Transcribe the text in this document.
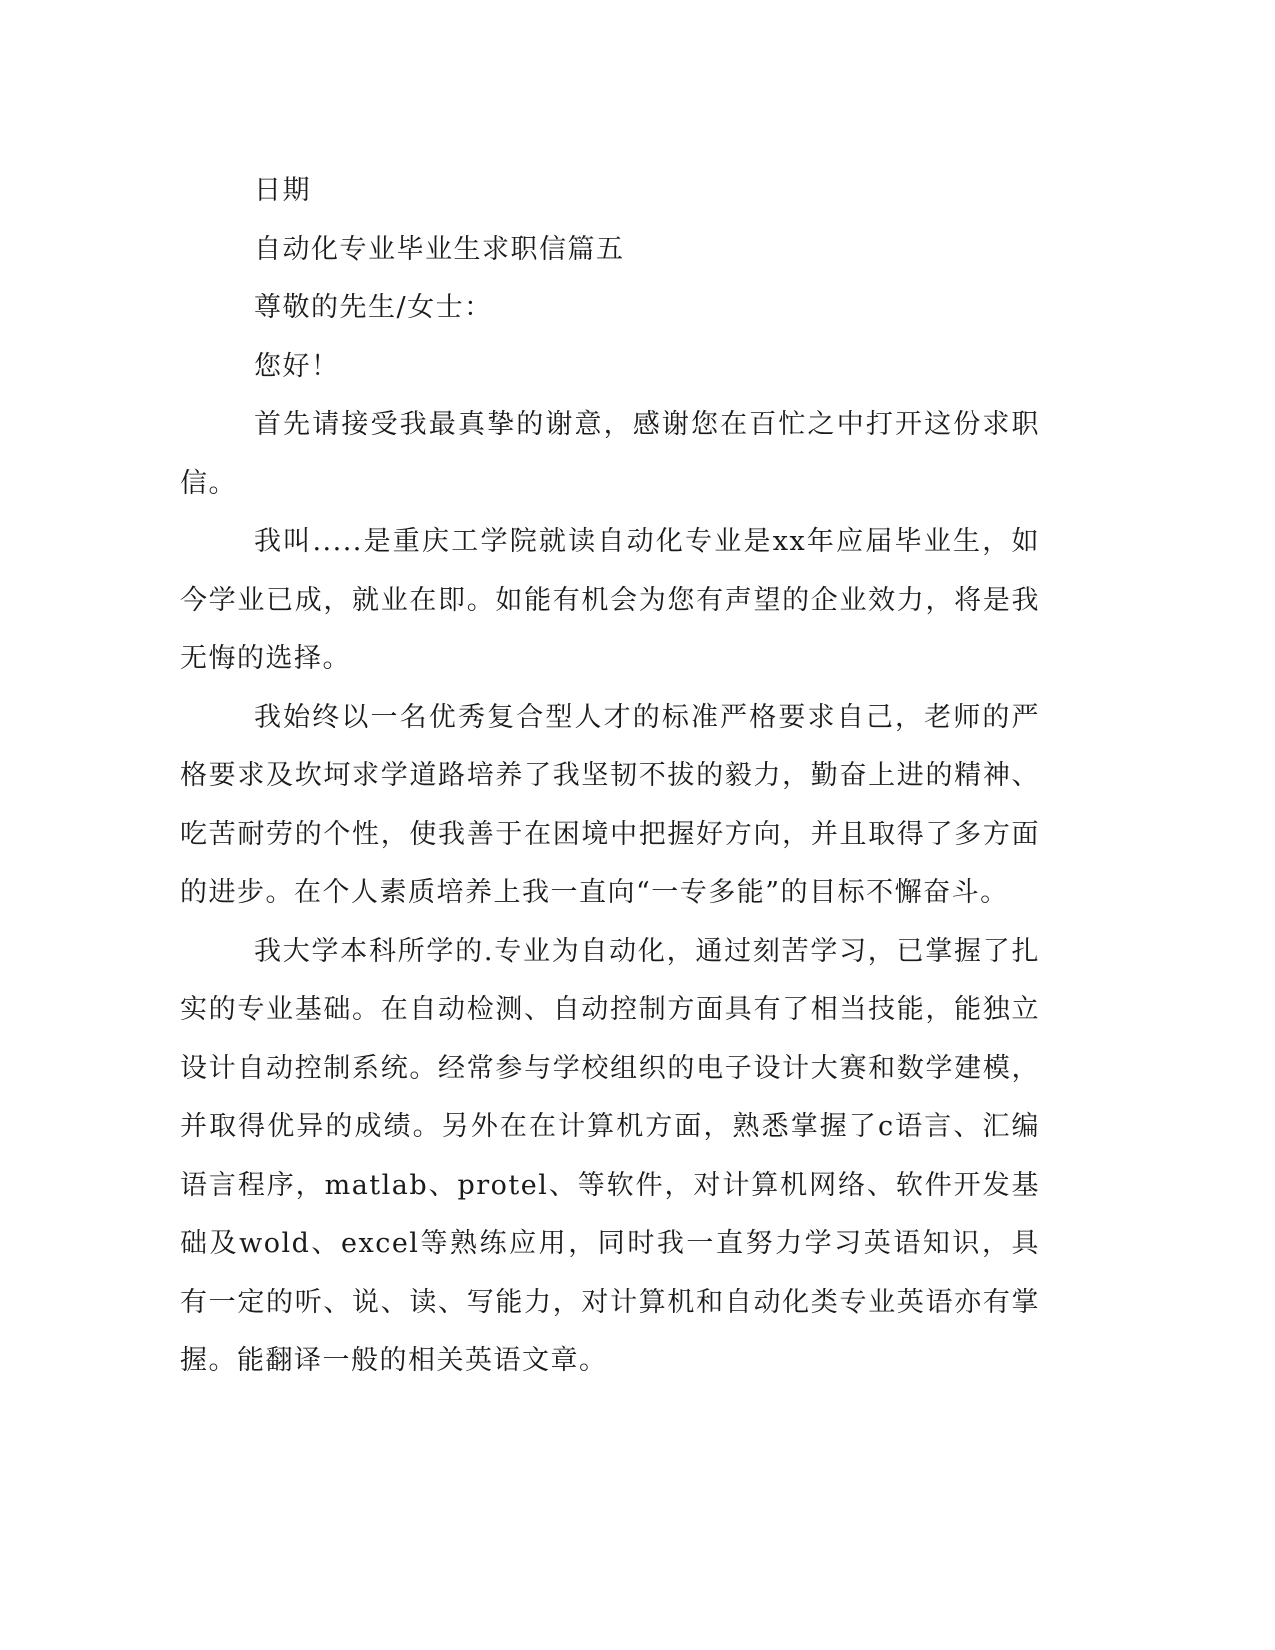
日期

自动化专业毕业生求职信篇五

尊敬的先生/女士：

您好！

首先请接受我最真挚的谢意，感谢您在百忙之中打开这份求职信。

我叫.....是重庆工学院就读自动化专业是xx年应届毕业生，如今学业已成，就业在即。如能有机会为您有声望的企业效力，将是我无悔的选择。

我始终以一名优秀复合型人才的标准严格要求自己，老师的严格要求及坎坷求学道路培养了我坚韧不拔的毅力，勤奋上进的精神、吃苦耐劳的个性，使我善于在困境中把握好方向，并且取得了多方面的进步。在个人素质培养上我一直向“一专多能”的目标不懈奋斗。

我大学本科所学的.专业为自动化，通过刻苦学习，已掌握了扎实的专业基础。在自动检测、自动控制方面具有了相当技能，能独立设计自动控制系统。经常参与学校组织的电子设计大赛和数学建模，并取得优异的成绩。另外在在计算机方面，熟悉掌握了c语言、汇编语言程序，matlab、protel、等软件，对计算机网络、软件开发基础及wold、excel等熟练应用，同时我一直努力学习英语知识，具有一定的听、说、读、写能力，对计算机和自动化类专业英语亦有掌握。能翻译一般的相关英语文章。
